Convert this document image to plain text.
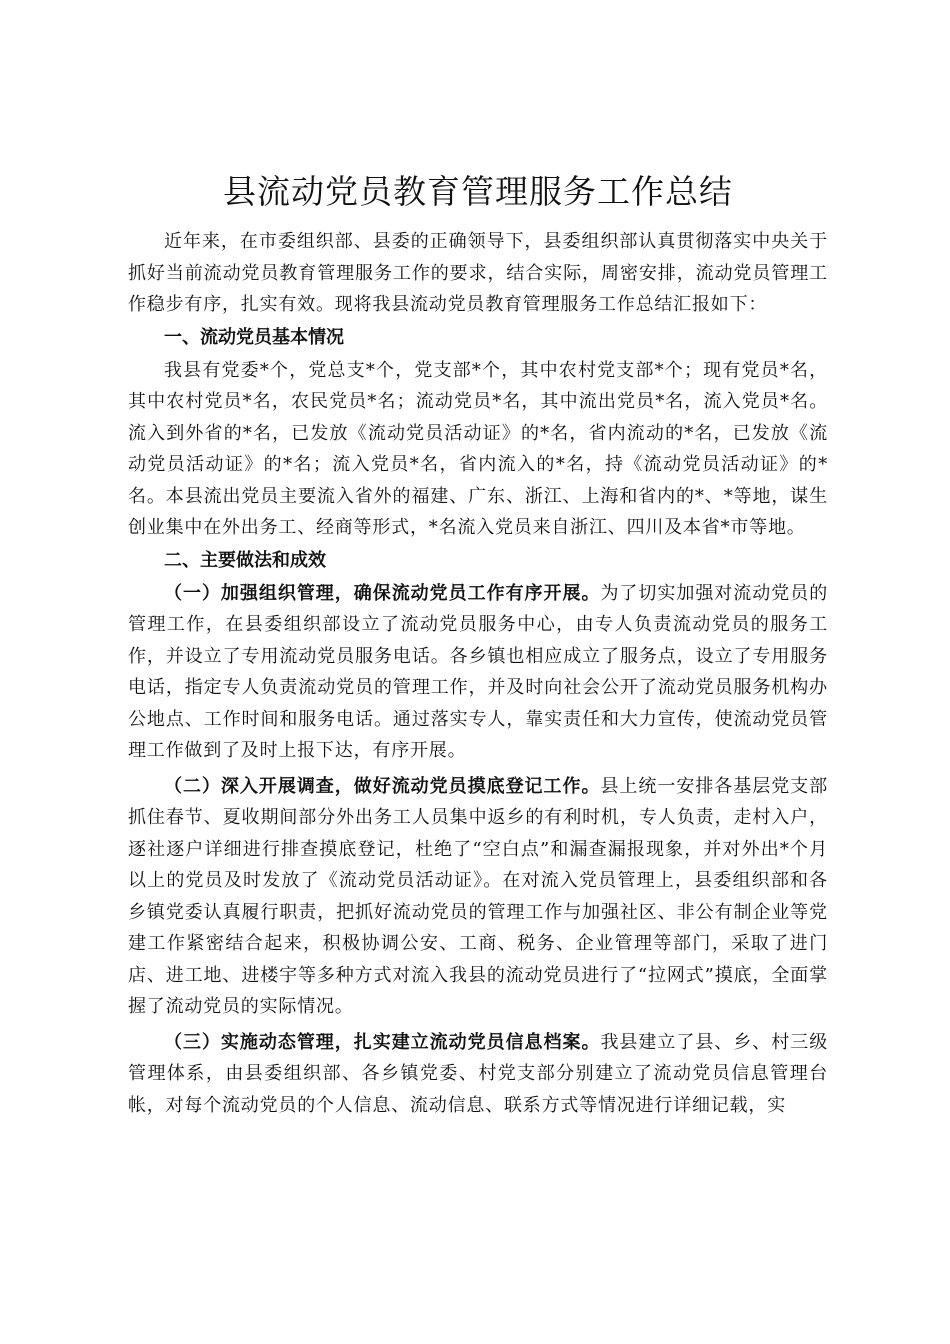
县流动党员教育管理服务工作总结

近年来，在市委组织部、县委的正确领导下，县委组织部认真贯彻落实中央关于抓好当前流动党员教育管理服务工作的要求，结合实际，周密安排，流动党员管理工作稳步有序，扎实有效。现将我县流动党员教育管理服务工作总结汇报如下：

一、流动党员基本情况

我县有党委*个，党总支*个，党支部*个，其中农村党支部*个；现有党员*名，其中农村党员*名，农民党员*名；流动党员*名，其中流出党员*名，流入党员*名。流入到外省的*名，已发放《流动党员活动证》的*名，省内流动的*名，已发放《流动党员活动证》的*名；流入党员*名，省内流入的*名，持《流动党员活动证》的*名。本县流出党员主要流入省外的福建、广东、浙江、上海和省内的*、*等地，谋生创业集中在外出务工、经商等形式，*名流入党员来自浙江、四川及本省*市等地。

二、主要做法和成效

（一）加强组织管理，确保流动党员工作有序开展。为了切实加强对流动党员的管理工作，在县委组织部设立了流动党员服务中心，由专人负责流动党员的服务工作，并设立了专用流动党员服务电话。各乡镇也相应成立了服务点，设立了专用服务电话，指定专人负责流动党员的管理工作，并及时向社会公开了流动党员服务机构办公地点、工作时间和服务电话。通过落实专人，靠实责任和大力宣传，使流动党员管理工作做到了及时上报下达，有序开展。

（二）深入开展调查，做好流动党员摸底登记工作。县上统一安排各基层党支部抓住春节、夏收期间部分外出务工人员集中返乡的有利时机，专人负责，走村入户，逐社逐户详细进行排查摸底登记，杜绝了“空白点”和漏查漏报现象，并对外出*个月以上的党员及时发放了《流动党员活动证》。在对流入党员管理上，县委组织部和各乡镇党委认真履行职责，把抓好流动党员的管理工作与加强社区、非公有制企业等党建工作紧密结合起来，积极协调公安、工商、税务、企业管理等部门，采取了进门店、进工地、进楼宇等多种方式对流入我县的流动党员进行了“拉网式”摸底，全面掌握了流动党员的实际情况。

（三）实施动态管理，扎实建立流动党员信息档案。我县建立了县、乡、村三级管理体系，由县委组织部、各乡镇党委、村党支部分别建立了流动党员信息管理台帐，对每个流动党员的个人信息、流动信息、联系方式等情况进行详细记载，实
